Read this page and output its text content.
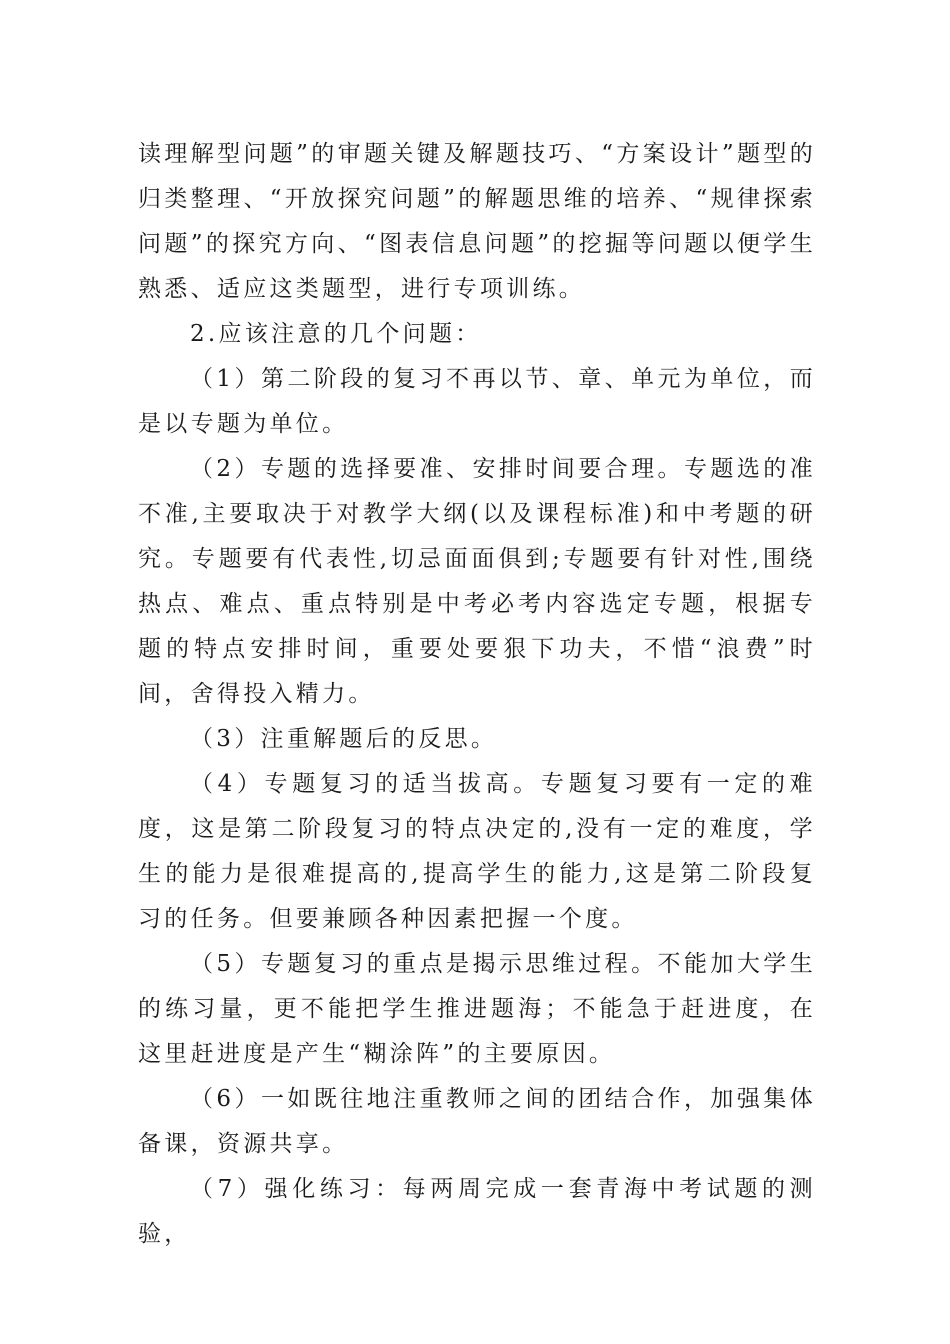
读理解型问题”的审题关键及解题技巧、“方案设计”题型的归类整理、“开放探究问题”的解题思维的培养、“规律探索问题”的探究方向、“图表信息问题”的挖掘等问题以便学生熟悉、适应这类题型，进行专项训练。

2.应该注意的几个问题：

（1）第二阶段的复习不再以节、章、单元为单位，而是以专题为单位。

（2）专题的选择要准、安排时间要合理。专题选的准不准,主要取决于对教学大纲(以及课程标准)和中考题的研究。专题要有代表性,切忌面面俱到;专题要有针对性,围绕热点、难点、重点特别是中考必考内容选定专题，根据专题的特点安排时间，重要处要狠下功夫，不惜“浪费”时间，舍得投入精力。

（3）注重解题后的反思。

（4）专题复习的适当拔高。专题复习要有一定的难度，这是第二阶段复习的特点决定的,没有一定的难度，学生的能力是很难提高的,提高学生的能力,这是第二阶段复习的任务。但要兼顾各种因素把握一个度。

（5）专题复习的重点是揭示思维过程。不能加大学生的练习量，更不能把学生推进题海；不能急于赶进度，在这里赶进度是产生“糊涂阵”的主要原因。

（6）一如既往地注重教师之间的团结合作，加强集体备课，资源共享。

（7）强化练习：每两周完成一套青海中考试题的测验，
